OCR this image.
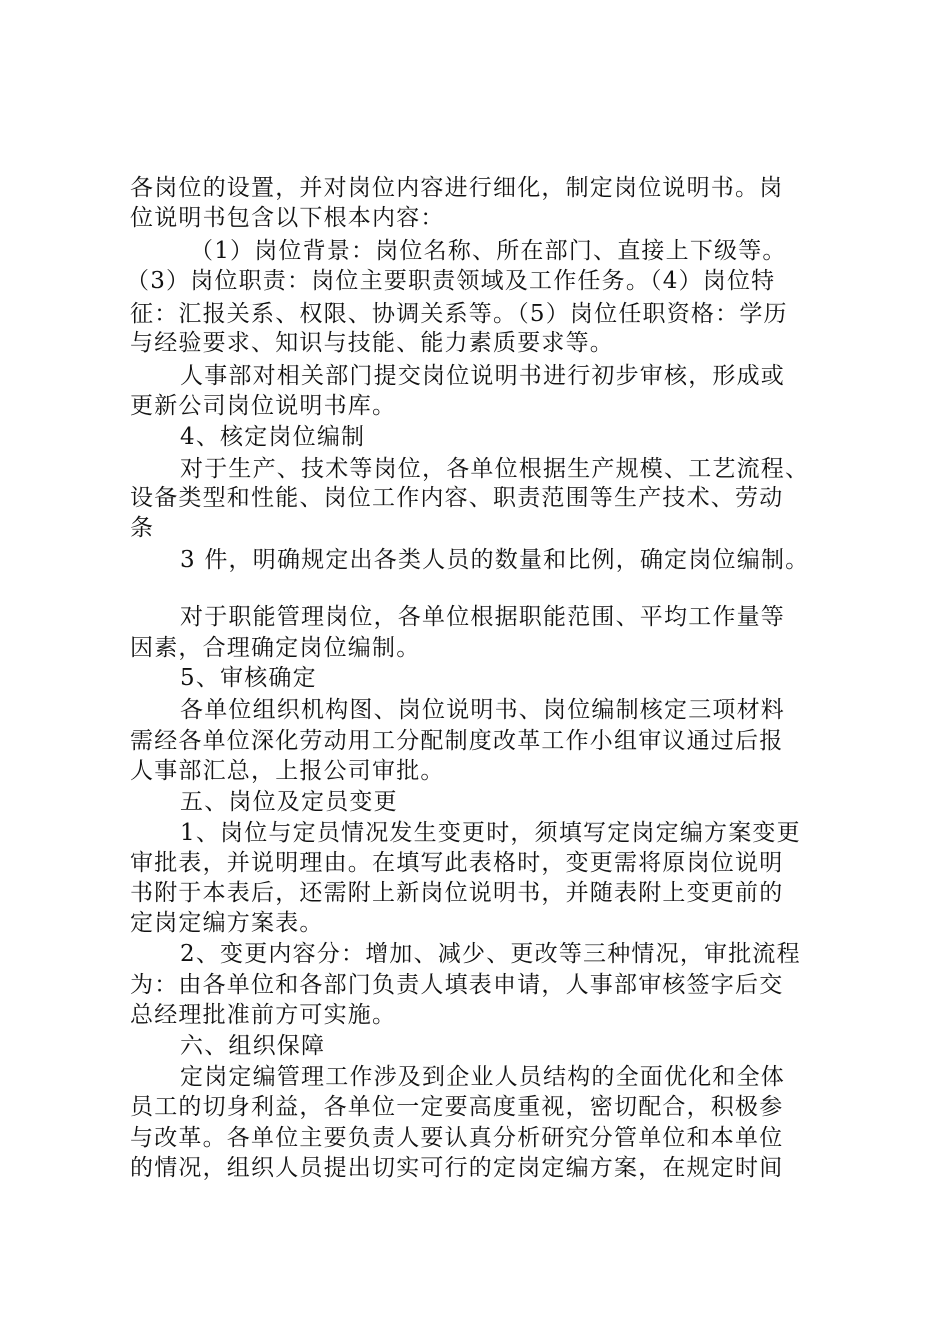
各岗位的设置，并对岗位内容进行细化，制定岗位说明书。岗
位说明书包含以下根本内容：
（1）岗位背景：岗位名称、所在部门、直接上下级等。
（3）岗位职责：岗位主要职责领域及工作任务。（4）岗位特
征：汇报关系、权限、协调关系等。（5）岗位任职资格：学历
与经验要求、知识与技能、能力素质要求等。
人事部对相关部门提交岗位说明书进行初步审核，形成或
更新公司岗位说明书库。
4、核定岗位编制
对于生产、技术等岗位，各单位根据生产规模、工艺流程、
设备类型和性能、岗位工作内容、职责范围等生产技术、劳动
条
3 件，明确规定出各类人员的数量和比例，确定岗位编制。
对于职能管理岗位，各单位根据职能范围、平均工作量等
因素，合理确定岗位编制。
5、审核确定
各单位组织机构图、岗位说明书、岗位编制核定三项材料
需经各单位深化劳动用工分配制度改革工作小组审议通过后报
人事部汇总，上报公司审批。
五、岗位及定员变更
1、岗位与定员情况发生变更时，须填写定岗定编方案变更
审批表，并说明理由。在填写此表格时，变更需将原岗位说明
书附于本表后，还需附上新岗位说明书，并随表附上变更前的
定岗定编方案表。
2、变更内容分：增加、减少、更改等三种情况，审批流程
为：由各单位和各部门负责人填表申请，人事部审核签字后交
总经理批准前方可实施。
六、组织保障
定岗定编管理工作涉及到企业人员结构的全面优化和全体
员工的切身利益，各单位一定要高度重视，密切配合，积极参
与改革。各单位主要负责人要认真分析研究分管单位和本单位
的情况，组织人员提出切实可行的定岗定编方案，在规定时间
